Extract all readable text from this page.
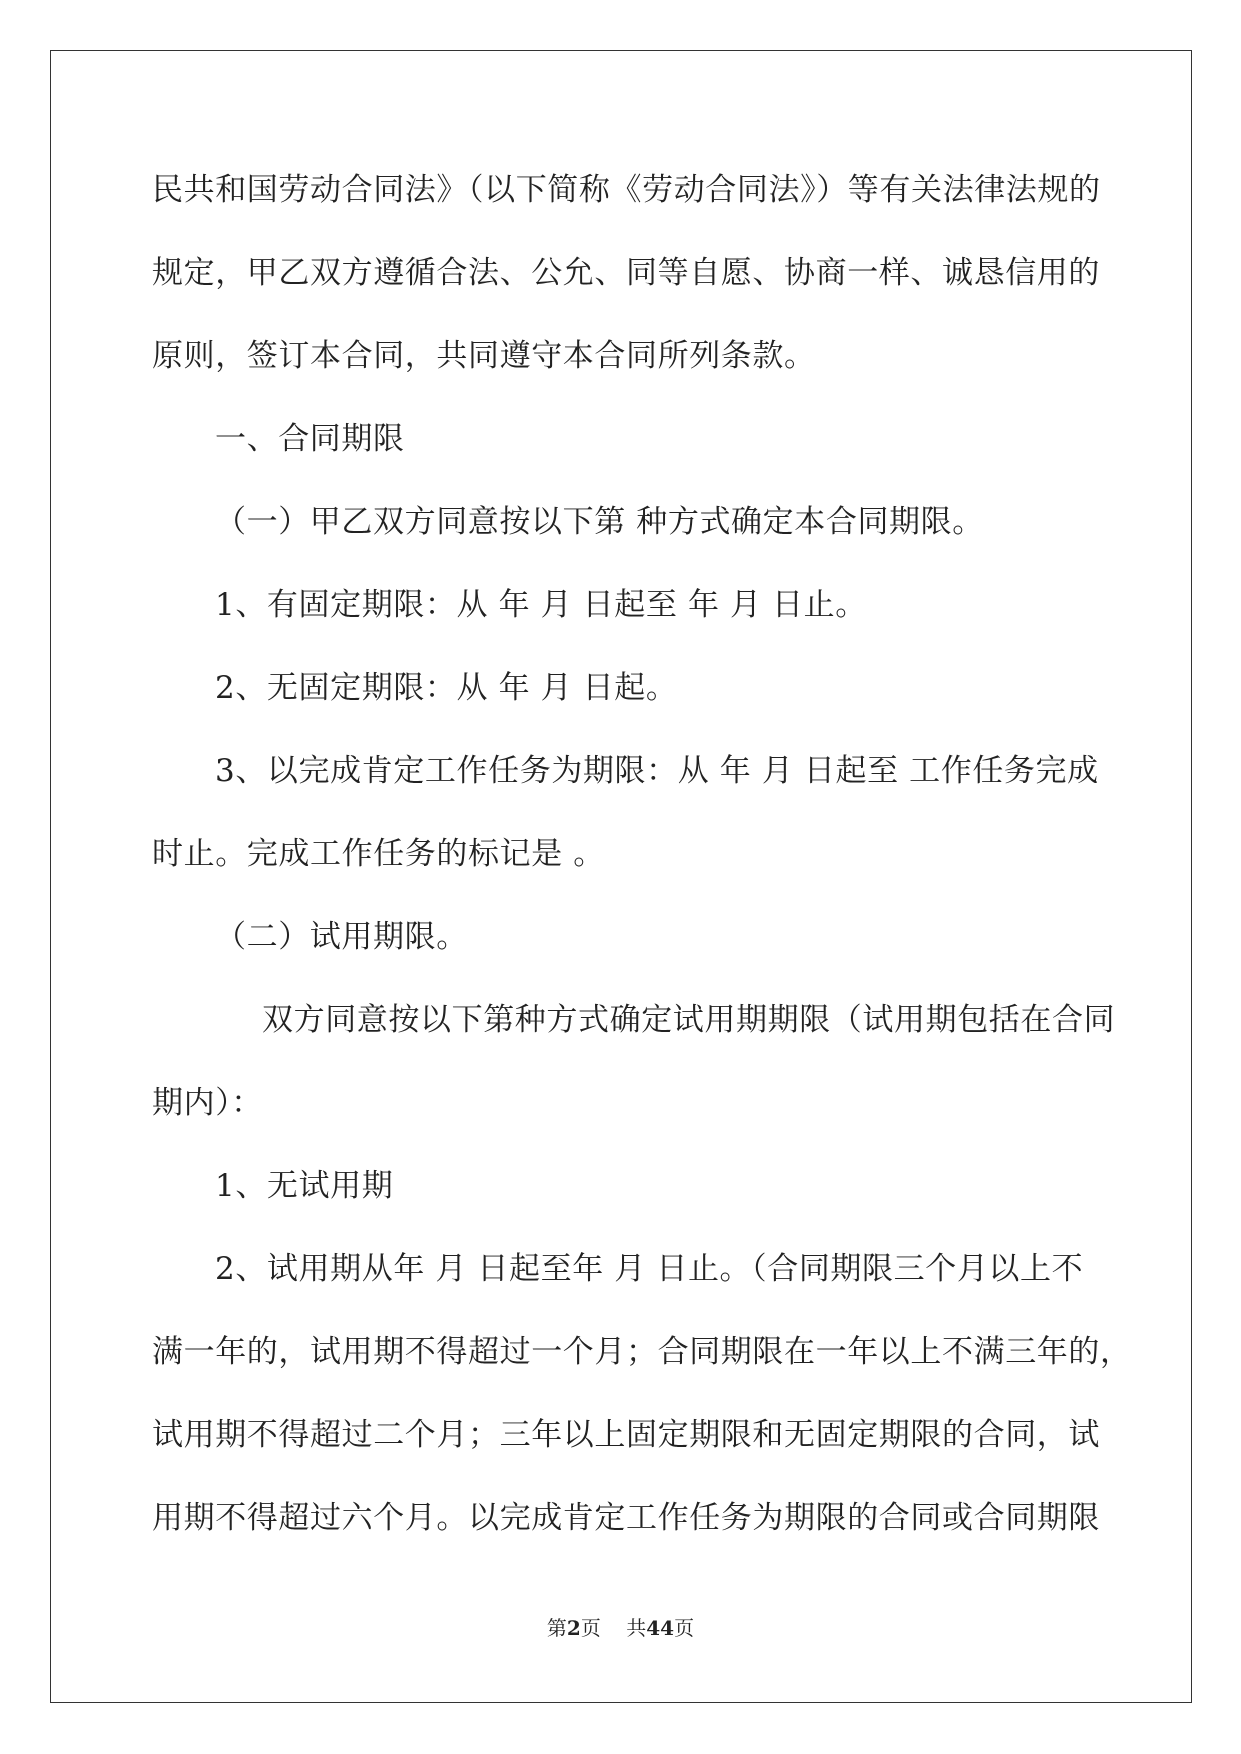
民共和国劳动合同法》（以下简称《劳动合同法》）等有关法律法规的
规定，甲乙双方遵循合法、公允、同等自愿、协商一样、诚恳信用的
原则，签订本合同，共同遵守本合同所列条款。
一、合同期限
（一）甲乙双方同意按以下第 种方式确定本合同期限。
1、有固定期限：从 年 月 日起至 年 月 日止。
2、无固定期限：从 年 月 日起。
3、以完成肯定工作任务为期限：从 年 月 日起至 工作任务完成
时止。完成工作任务的标记是 。
（二）试用期限。
双方同意按以下第种方式确定试用期期限（试用期包括在合同
期内）：
1、无试用期
2、试用期从年 月 日起至年 月 日止。（合同期限三个月以上不
满一年的，试用期不得超过一个月；合同期限在一年以上不满三年的，
试用期不得超过二个月；三年以上固定期限和无固定期限的合同，试
用期不得超过六个月。以完成肯定工作任务为期限的合同或合同期限
第2页 共44页
